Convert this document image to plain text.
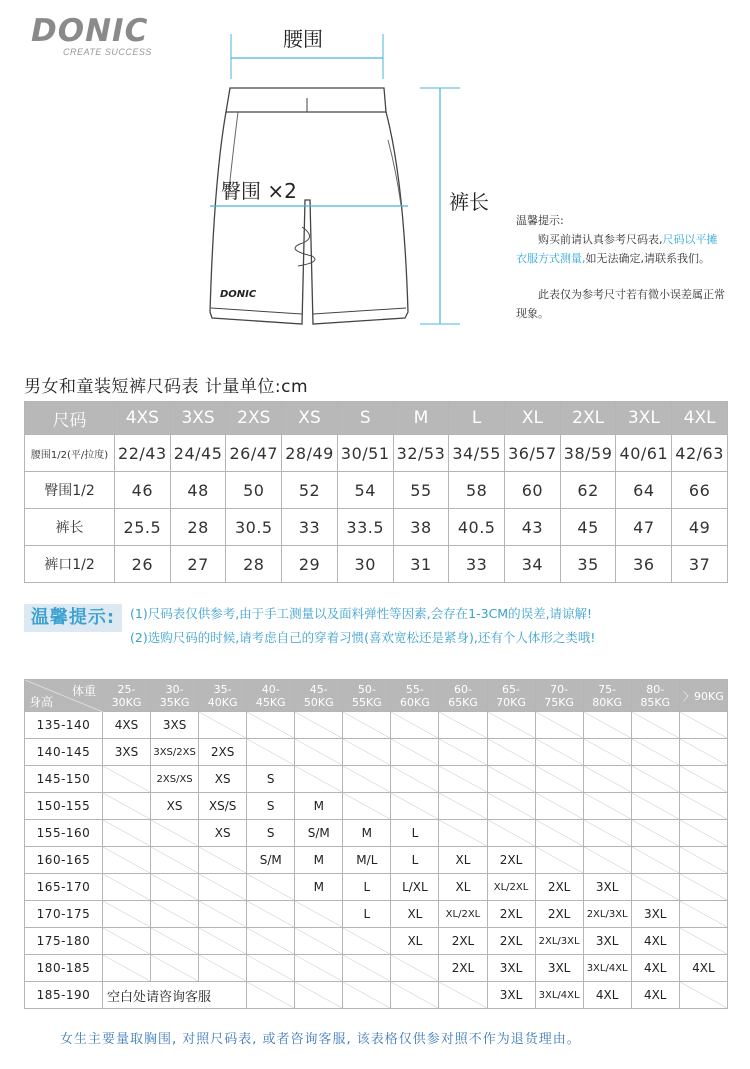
DONIC
CREATE SUCCESS
DONIC
腰围
臀围 ×2	裤长
温馨提示:
购买前请认真参考尺码表,尺码以平摊衣服方式测量,如无法确定,请联系我们。
此表仅为参考尺寸若有微小误差属正常现象。
男女和童装短裤尺码表 计量单位:cm
尺码	4XS	3XS	2XS	XS	S	M	L	XL	2XL	3XL	4XL
腰围1/2(平/拉度)	22/43	24/45	26/47	28/49	30/51	32/53	34/55	36/57	38/59	40/61	42/63
臀围1/2	46	48	50	52	54	55	58	60	62	64	66
裤长	25.5	28	30.5	33	33.5	38	40.5	43	45	47	49
裤口1/2	26	27	28	29	30	31	33	34	35	36	37
温馨提示:	(1)尺码表仅供参考,由于手工测量以及面料弹性等因素,会存在1-3CM的误差,请谅解!
(2)选购尺码的时候,请考虑自己的穿着习惯(喜欢宽松还是紧身),还有个人体形之类哦!
体重
身高	25-30KG	30-35KG	35-40KG	40-45KG	45-50KG	50-55KG	55-60KG	60-65KG	65-70KG	70-75KG	75-80KG	80-85KG	〉90KG
135-140	4XS	3XS											
140-145	3XS	3XS/2XS	2XS										
145-150		2XS/XS	XS	S									
150-155		XS	XS/S	S	M								
155-160			XS	S	S/M	M	L						
160-165				S/M	M	M/L	L	XL	2XL				
165-170					M	L	L/XL	XL	XL/2XL	2XL	3XL		
170-175						L	XL	XL/2XL	2XL	2XL	2XL/3XL	3XL	
175-180							XL	2XL	2XL	2XL/3XL	3XL	4XL	
180-185								2XL	3XL	3XL	3XL/4XL	4XL	4XL
185-190	空白处请咨询客服								3XL	3XL/4XL	4XL	4XL	
女生主要量取胸围, 对照尺码表, 或者咨询客服, 该表格仅供参对照不作为退货理由。
